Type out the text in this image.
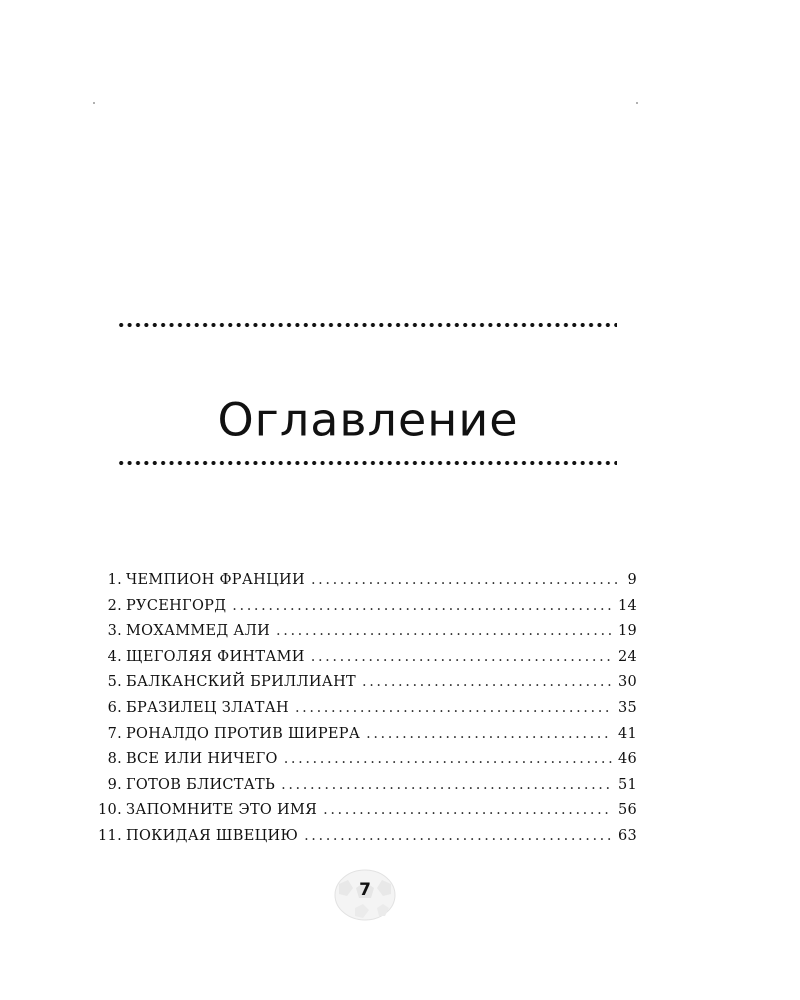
Оглавление
1. ЧЕМПИОН ФРАНЦИИ .....	9
2. РУСЕНГОРД .....	14
3. МОХАММЕД АЛИ .....	19
4. ЩЕГОЛЯЯ ФИНТАМИ .....	24
5. БАЛКАНСКИЙ БРИЛЛИАНТ .....	30
6. БРАЗИЛЕЦ ЗЛАТАН .....	35
7. РОНАЛДО ПРОТИВ ШИРЕРА .....	41
8. ВСЕ ИЛИ НИЧЕГО .....	46
9. ГОТОВ БЛИСТАТЬ .....	51
10. ЗАПОМНИТЕ ЭТО ИМЯ .....	56
11. ПОКИДАЯ ШВЕЦИЮ .....	63
7
